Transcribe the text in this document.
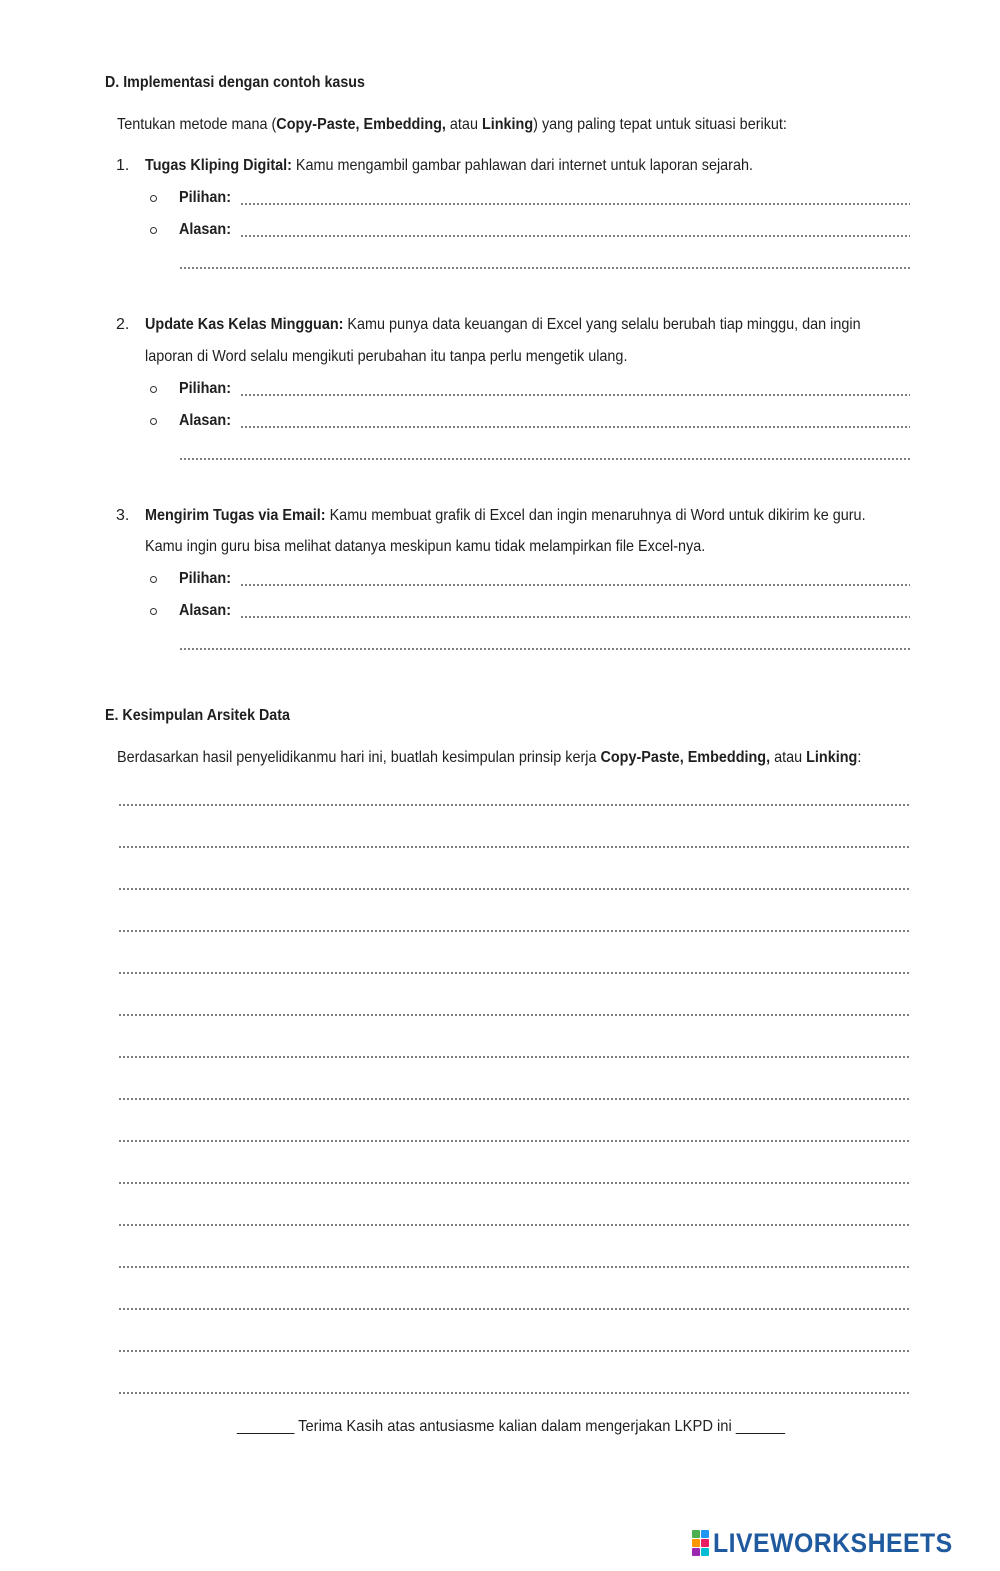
D. Implementasi dengan contoh kasus
Tentukan metode mana (Copy-Paste, Embedding, atau Linking) yang paling tepat untuk situasi berikut:
1. Tugas Kliping Digital: Kamu mengambil gambar pahlawan dari internet untuk laporan sejarah.
Pilihan:
Alasan:
2. Update Kas Kelas Mingguan: Kamu punya data keuangan di Excel yang selalu berubah tiap minggu, dan ingin
laporan di Word selalu mengikuti perubahan itu tanpa perlu mengetik ulang.
Pilihan:
Alasan:
3. Mengirim Tugas via Email: Kamu membuat grafik di Excel dan ingin menaruhnya di Word untuk dikirim ke guru.
Kamu ingin guru bisa melihat datanya meskipun kamu tidak melampirkan file Excel-nya.
Pilihan:
Alasan:
E. Kesimpulan Arsitek Data
Berdasarkan hasil penyelidikanmu hari ini, buatlah kesimpulan prinsip kerja Copy-Paste, Embedding, atau Linking:
_______ Terima Kasih atas antusiasme kalian dalam mengerjakan LKPD ini ______
LIVEWORKSHEETS
